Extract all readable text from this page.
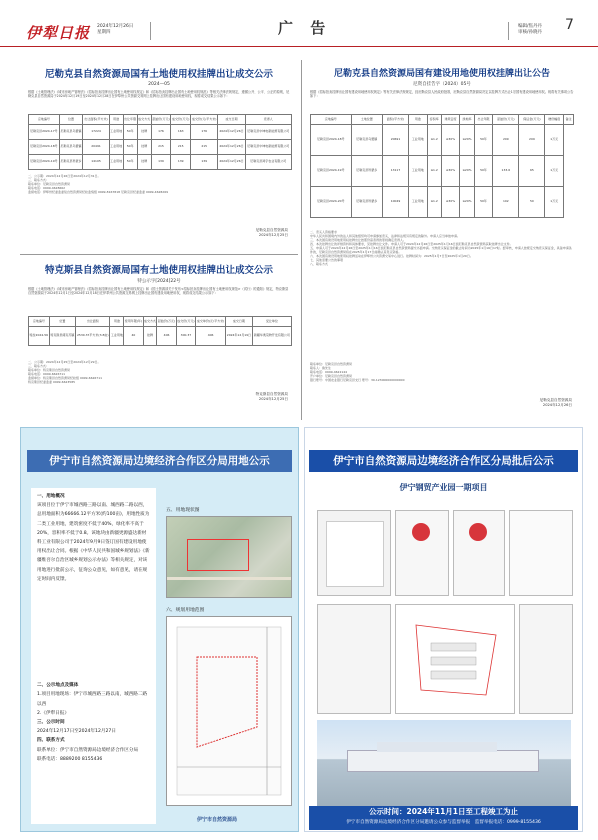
伊犁日报 2024年12月26日
星期四	广 告	编辑/焦丹丹
审核/孙晓丹 7
尼勒克县自然资源局国有土地使用权挂牌出让成交公示
2024—05
根据《土地管理法》《城市房地产管理法》《招标拍卖挂牌出让国有土地使用权规定》和《招标拍卖挂牌出让国有土地使用权规范》等相关法律法规规定，遵循公开、公平、公正的原则，尼勒克县自然资源局于2024年12月19日至2024年12月28日在伊犁州公共资源交易网上挂牌出让国有建设用地使用权，现将成交结果公示如下：
宗地编号	位置	出让面积(平方米)	用途	出让年限	成交方式	起始价(万元)	成交价(万元)	成交价(元/平方米)	成交日期	竞得人
尼勒克县2024-17号	尼勒克县乌赞镇	17224	工业用地	50年	挂牌	176	163	176	2024年12月26日	尼勒克县中坤电新能源有限公司
尼勒克县2024-18号	尼勒克县乌赞镇	20491	工业用地	50年	挂牌	215	215	215	2024年12月26日	尼勒克县中坤电新能源有限公司
尼勒克县2024-19号	尼勒克县科蒙乡	14105	工业用地	50年	挂牌	139	139	139	2024年12月26日	尼勒克县鸿宇农业有限公司
二、公示期：2024年12月26日至2024年12月31日。
三、联系方式：
联系单位：尼勒克县自然资源局
联系电话：0999-4628662
监督电话：伊犁州纪委监委驻自然资源局纪检监察组 0999-8167818 尼勒克县纪委监委 0999-4628269
尼勒克县自然资源局
2024年12月25日
特克斯县自然资源局国有土地使用权挂牌出让成交公示
特公示字[2024]22号
根据《土地管理法》《城市房地产管理法》《招标拍卖挂牌出让国有土地使用权规定》和《国土资源部关于发布<招标拍卖挂牌出让国有土地使用权规范>（试行）的通知》规定，特克斯县自然资源局于2024年12月1日至2024年12月18日在伊犁州公共资源交易网上挂牌出让国有建设用地使用权，现将成交结果公示如下：
宗地编号	位置	出让面积	用途	使用年限(年)	成交方式	起始价(万元)	成交价(万元)	成交单价(元/平方米)	成交日期	受让单位
特拉2024-56	特克斯县阔克苏镇	2530.37平方米(3.8亩)	工业用地	40	挂牌	406	300.37	406	2024年12月19日	新疆华奥景物开发有限公司
二、公示期：2024年12月25日至2024年12月29日。
三、联系方式：
联系单位：特克斯县自然资源局
联系电话：0999-6626711
监督单位：特克斯县自然资源局纪检组 0999-6626711
特克斯县纪委监委 0999-6623585
特克斯县自然资源局
2024年12月25日
尼勒克县自然资源局国有建设用地使用权挂牌出让公告
尼资自挂告字（2024）05号
根据《招标拍卖挂牌出让国有建设用地使用权规定》等有关法律法规规定，经尼勒克县人民政府批准，尼勒克县自然资源局决定以挂牌方式出让1宗国有建设用地使用权。现将有关事项公告如下：
宗地编号	土地位置	面积(平方米)	用途	容积率	建筑密度	绿地率	出让年限	起始价(万元)	保证金(万元)	增价幅度	备注
尼勒克县2024-18号	尼勒克县乌赞镇	20691	工业用地	≤1.2	≥30%	≤20%	50年	209	209	1万元	
尼勒克县2024-19号	尼勒克县科蒙乡	13117	工业用地	≤1.2	≥30%	≤20%	50年	133.6	65	1万元	
尼勒克县2024-20号	尼勒克县科蒙乡	10049	工业用地	≤1.2	≥30%	≤20%	50年	102	50	1万元	
二、竞买人资格要求
中华人民共和国境内外的法人和其他组织均可申请参加竞买，法律和法规另有规定的除外。申请人应当单独申请。
三、本次国有建设用地使用权挂牌出让按照价高者得的原则确定竞得人。
四、本次挂牌出让的详细资料和具体要求，见挂牌出让文件。申请人可于2024年12月26日至2025年1月16日到尼勒克县自然资源局获取挂牌出让文件。
五、申请人可于2024年12月26日至2025年1月16日到尼勒克县自然资源局提交书面申请。交纳竞买保证金的截止时间为2025年1月16日17时。经审核，申请人按规定交纳竞买保证金，具备申请条件的，尼勒克县自然资源局将在2025年1月17日前确认其竞买资格。
六、本次国有建设用地使用权挂牌活动在伊犁州公共资源交易中心进行。挂牌时间为：2025年1月7日至2025年1月20日。
七、其他需要公告的事项
八、联系方式
联系单位：尼勒克县自然资源局
联系人：鲁先生
联系电话：0999-4622144
开户单位：尼勒克县自然资源局
银行账号：中国农业银行尼勒克县支行 账号：30-123000000000000
尼勒克县自然资源局
2024年12月26日
伊宁市自然资源局边境经济合作区分局用地公示
一、用地概况
该项目位于伊宁市城西路三路以南、城西路二路以西，总用地面积为66666.12平方米(约100亩)，用地性质为二类工业用地，建筑密度不低于40%，绿化率不高于20%，容积率不低于0.8。该地块由新疆更源盛达新材料工业有限公司于2024年9月9日签订国有建设用地使用权出让合同。根据《中华人民共和国城乡规划法》《新疆维吾尔自治区城乡规划公示办法》等相关规定，对该用地进行批前公示，征询公众意见，如有意见，请在规定时间内反馈。
二、公示地点及媒体
1.项目用地现场：伊宁市城西路三路以南，城西路二路以西
2.《伊犁日报》
三、公示时间
2024年12月17日至2024年12月27日
四、联系方式
联系单位：伊宁市自然资源局边境经济合作区分局
联系电话：8889200 8155436
五、用地现状图
六、规划用地范围
伊宁市自然资源局
伊宁市自然资源局边境经济合作区分局批后公示
伊宁钢贸产业园一期项目
公示时间：2024年11月1日至工程竣工为止
伊宁市自然资源局边境经济合作区分局邀请公众参与监督举报　监督举报电话：0999-8155436
